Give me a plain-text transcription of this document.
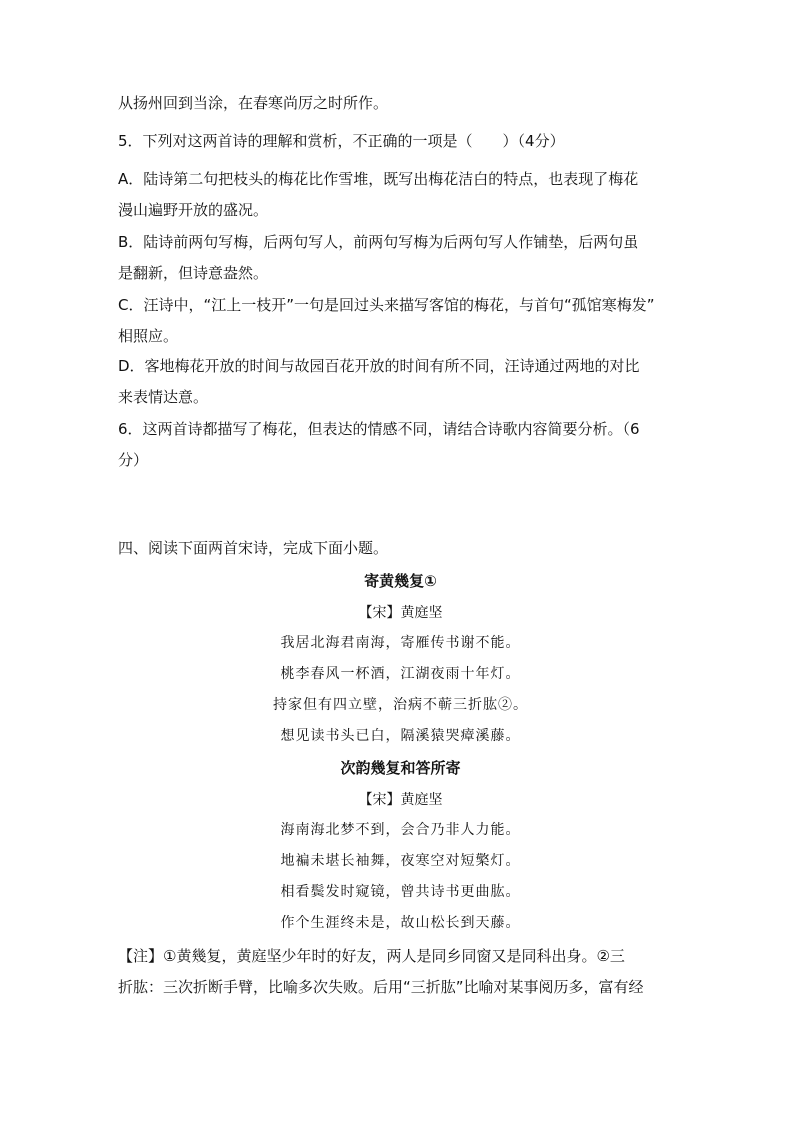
从扬州回到当涂，在春寒尚厉之时所作。
5．下列对这两首诗的理解和赏析，不正确的一项是（　　）（4分）
A．陆诗第二句把枝头的梅花比作雪堆，既写出梅花洁白的特点，也表现了梅花
漫山遍野开放的盛况。
B．陆诗前两句写梅，后两句写人，前两句写梅为后两句写人作铺垫，后两句虽
是翻新，但诗意盎然。
C．汪诗中，“江上一枝开”一句是回过头来描写客馆的梅花，与首句“孤馆寒梅发”
相照应。
D．客地梅花开放的时间与故园百花开放的时间有所不同，汪诗通过两地的对比
来表情达意。
6．这两首诗都描写了梅花，但表达的情感不同，请结合诗歌内容简要分析。（6
分）
四、阅读下面两首宋诗，完成下面小题。
寄黄幾复①
【宋】黄庭坚
我居北海君南海，寄雁传书谢不能。
桃李春风一杯酒，江湖夜雨十年灯。
持家但有四立壁，治病不蕲三折肱②。
想见读书头已白，隔溪猿哭瘴溪藤。
次韵幾复和答所寄
【宋】黄庭坚
海南海北梦不到，会合乃非人力能。
地褊未堪长袖舞，夜寒空对短檠灯。
相看鬓发时窥镜，曾共诗书更曲肱。
作个生涯终未是，故山松长到天藤。
【注】①黄幾复，黄庭坚少年时的好友，两人是同乡同窗又是同科出身。②三
折肱：三次折断手臂，比喻多次失败。后用“三折肱”比喻对某事阅历多，富有经
